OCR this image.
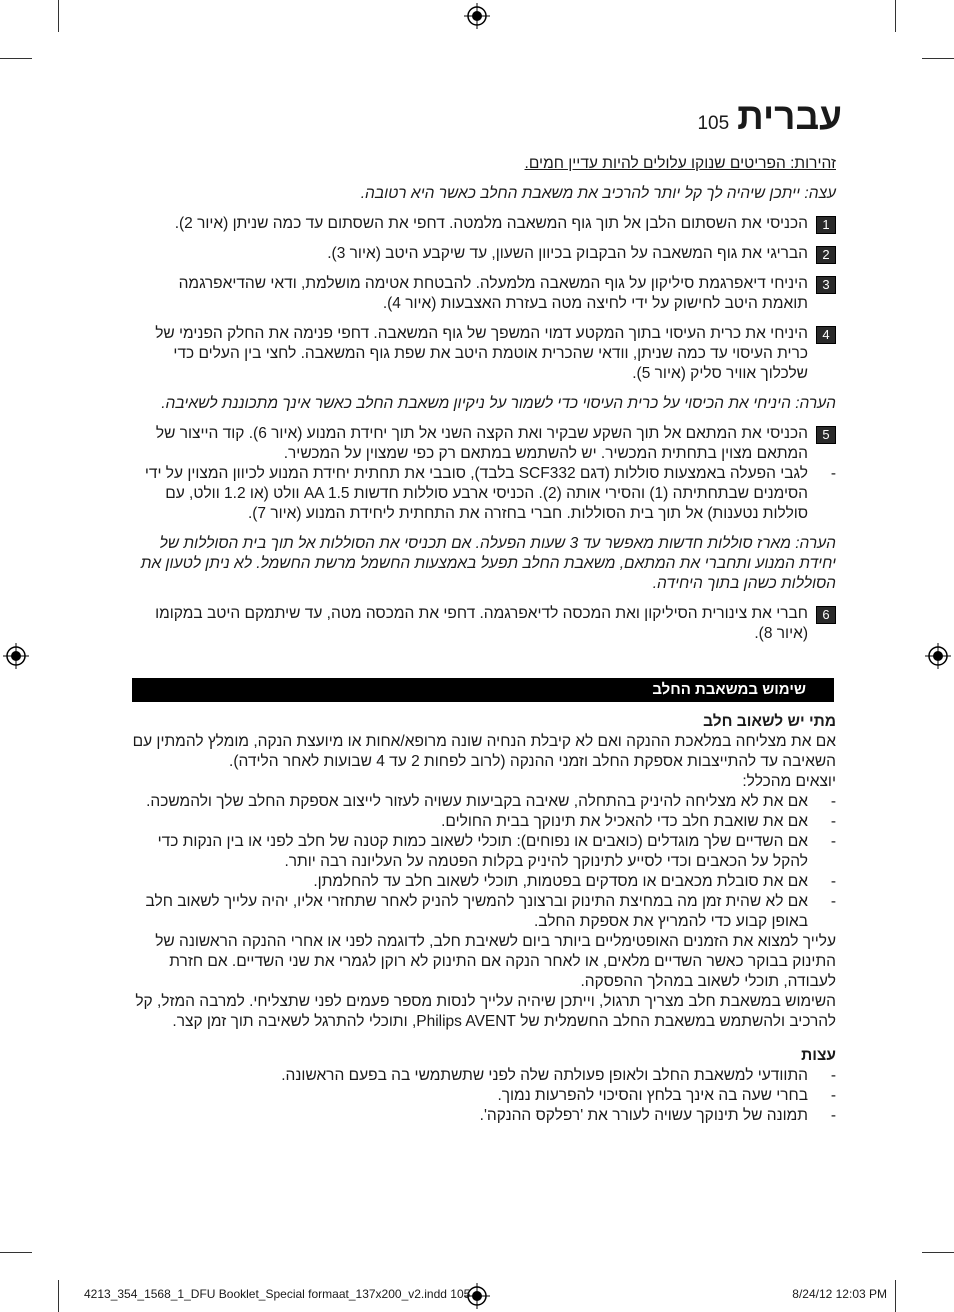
105 עברית

זהירות: הפריטים שנוקו עלולים להיות עדיין חמים.

עצה: ייתכן שיהיה לך קל יותר להרכיב את משאבת החלב כאשר היא רטובה.

1
הכניסי את השסתום הלבן אל תוך גוף המשאבה מלמטה. דחפי את השסתום עד כמה שניתן (איור 2).
2
הבריגי את גוף המשאבה על הבקבוק בכיוון השעון, עד שיקבע היטב (איור 3).
3
היניחי דיאפרגמת סיליקון על גוף המשאבה מלמעלה. להבטחת אטימה מושלמת, ודאי שהדיאפרגמה תואמת היטב לחישוק על ידי לחיצה מטה בעזרת האצבעות (איור 4).
4
היניחי את כרית העיסוי בתוך המקטע דמוי המשפך של גוף המשאבה. דחפי פנימה את החלק הפנימי של כרית העיסוי עד כמה שניתן, וודאי שהכרית אוטמת היטב את שפת גוף המשאבה. לחצי בין העלים כדי שלכלוך אוויר סליק (איור 5).

הערה: היניחי את הכיסוי על כרית העיסוי כדי לשמור על ניקיון משאבת החלב כאשר אינך מתכוננת לשאיבה.

5
הכניסי את המתאם אל תוך השקע שבקיר ואת הקצה השני אל תוך יחידת המנוע (איור 6). קוד הייצור של המתאם מצוין בתחתית המכשיר. יש להשתמש במתאם רק כפי שמצוין על המכשיר.
-
לגבי הפעלה באמצעות סוללות (דגם SCF332 בלבד), סובבי את תחתית יחידת המנוע לכיוון המצוין על ידי הסימנים שבתחתיתה (1) והסירי אותה (2). הכניסי ארבע סוללות חדשות AA 1.5 וולט (או 1.2 וולט, עם סוללות נטענות) אל תוך בית הסוללות. חברי בחזרה את התחתית ליחידת המנוע (איור 7).

הערה: מארז סוללות חדשות מאפשר עד 3 שעות הפעלה. אם תכניסי את הסוללות אל תוך בית הסוללות של יחידת המנוע ותחברי את המתאם, משאבת החלב תפעל באמצעות החשמל מרשת החשמל. לא ניתן לטעון את הסוללות כשהן בתוך היחידה.

6
חברי את צינורית הסיליקון ואת המכסה לדיאפרגמה. דחפי את המכסה מטה, עד שיתמקם היטב במקומו (איור 8).
שימוש במשאבת החלב

מתי יש לשאוב חלב

אם את מצליחה במלאכת ההנקה ואם לא קיבלת הנחיה שונה מרופא/אחות או מיועצת הנקה, מומלץ להמתין עם השאיבה עד להתייצבות אספקת החלב וזמני ההנקה (לרוב לפחות 2 עד 4 שבועות לאחר הלידה).

יוצאים מהכלל:

-
אם את לא מצליחה להיניק בהתחלה, שאיבה בקביעות עשויה לעזור לייצוב אספקת החלב שלך ולהמשכה.
-
אם את שואבת חלב כדי להאכיל את תינוקך בבית החולים.
-
אם השדיים שלך מוגדלים (כואבים או נפוחים): תוכלי לשאוב כמות קטנה של חלב לפני או בין הנקות כדי להקל על הכאבים וכדי לסייע לתינוקך להיניק בקלות הפטמה על העליונה רבה יותר.
-
אם את סובלת מכאבים או מסדקים בפטמות, תוכלי לשאוב חלב עד להחלמתן.
-
אם לא שהית זמן מה במחיצת התינוק וברצונך להמשיך להניק לאחר שתחזרי אליו, יהיה עלייך לשאוב חלב באופן קבוע כדי להמריץ את אספקת החלב.

עלייך למצוא את הזמנים האופטימליים ביותר ביום לשאיבת חלב, לדוגמה לפני או אחרי ההנקה הראשונה של התינוק בבוקר כאשר השדיים מלאים, או לאחר הנקה אם התינוק לא רוקן לגמרי את שני השדיים. אם חזרת לעבודה, תוכלי לשאוב במהלך ההפסקה.

השימוש במשאבת חלב מצריך תרגול, וייתכן שיהיה עלייך לנסות מספר פעמים לפני שתצליחי. למרבה המזל, קל להרכיב ולהשתמש במשאבת החלב החשמלית של Philips AVENT, ותוכלי להתרגל לשאיבה תוך זמן קצר.

עצות

-
התוודעי למשאבת החלב ולאופן פעולתה שלה לפני שתשתמשי בה בפעם הראשונה.
-
בחרי שעה בה אינך בלחץ והסיכוי להפרעות נמוך.
-
תמונה של תינוקך עשויה לעורר את 'רפלקס ההנקה'.
4213_354_1568_1_DFU Booklet_Special formaat_137x200_v2.indd 105	8/24/12 12:03 PM
